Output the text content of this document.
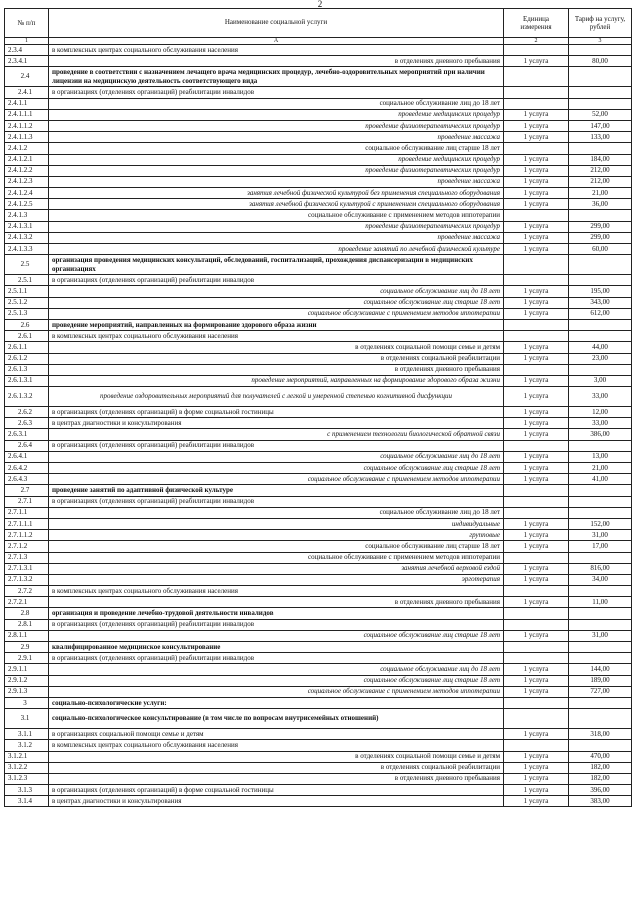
2
№ п/п	Наименование социальной услуги	Единица измерения	Тариф на услугу, рублей
1	А	2	3
2.3.4	в комплексных центрах социального обслуживания населения		
2.3.4.1	в отделениях дневного пребывания	1 услуга	80,00
2.4	проведение в соответствии с назначением лечащего врача медицинских процедур, лечебно-оздоровительных мероприятий при наличии лицензии на медицинскую деятельность соответствующего вида		
2.4.1	в организациях (отделениях организаций) реабилитации инвалидов		
2.4.1.1	социальное обслуживание лиц до 18 лет		
2.4.1.1.1	проведение медицинских процедур	1 услуга	52,00
2.4.1.1.2	проведение физиотерапевтических процедур	1 услуга	147,00
2.4.1.1.3	проведение массажа	1 услуга	133,00
2.4.1.2	социальное обслуживание лиц старше 18 лет		
2.4.1.2.1	проведение медицинских процедур	1 услуга	184,00
2.4.1.2.2	проведение физиотерапевтических процедур	1 услуга	212,00
2.4.1.2.3	проведение массажа	1 услуга	212,00
2.4.1.2.4	занятия лечебной физической культурой без применения специального оборудования	1 услуга	21,00
2.4.1.2.5	занятия лечебной физической культурой с применением специального оборудования	1 услуга	36,00
2.4.1.3	социальное обслуживание с применением методов иппотерапии		
2.4.1.3.1	проведение физиотерапевтических процедур	1 услуга	299,00
2.4.1.3.2	проведение массажа	1 услуга	299,00
2.4.1.3.3	проведение занятий по лечебной физической культуре	1 услуга	60,00
2.5	организация проведения медицинских консультаций, обследований, госпитализаций, прохождения диспансеризации в медицинских организациях		
2.5.1	в организациях (отделениях организаций) реабилитации инвалидов		
2.5.1.1	социальное обслуживание лиц до 18 лет	1 услуга	195,00
2.5.1.2	социальное обслуживание лиц старше 18 лет	1 услуга	343,00
2.5.1.3	социальное обслуживание с применением методов иппотерапии	1 услуга	612,00
2.6	проведение мероприятий, направленных на формирование здорового образа жизни		
2.6.1	в комплексных центрах социального обслуживания населения		
2.6.1.1	в отделениях социальной помощи семье и детям	1 услуга	44,00
2.6.1.2	в отделениях социальной реабилитации	1 услуга	23,00
2.6.1.3	в отделениях дневного пребывания		
2.6.1.3.1	проведение мероприятий, направленных на формирование здорового образа жизни	1 услуга	3,00
2.6.1.3.2	проведение оздоровительных мероприятий для получателей с легкой и умеренной степенью когнитивной дисфункции	1 услуга	33,00
2.6.2	в организациях (отделениях организаций) в форме социальной гостиницы	1 услуга	12,00
2.6.3	в центрах диагностики и консультирования	1 услуга	33,00
2.6.3.1	с применением технологии биологической обратной связи	1 услуга	386,00
2.6.4	в организациях (отделениях организаций) реабилитации инвалидов		
2.6.4.1	социальное обслуживание лиц до 18 лет	1 услуга	13,00
2.6.4.2	социальное обслуживание лиц старше 18 лет	1 услуга	21,00
2.6.4.3	социальное обслуживание с применением методов иппотерапии	1 услуга	41,00
2.7	проведение занятий по адаптивной физической культуре		
2.7.1	в организациях (отделениях организаций) реабилитации инвалидов		
2.7.1.1	социальное обслуживание лиц до 18 лет		
2.7.1.1.1	индивидуальные	1 услуга	152,00
2.7.1.1.2	групповые	1 услуга	31,00
2.7.1.2	социальное обслуживание лиц старше 18 лет	1 услуга	17,00
2.7.1.3	социальное обслуживание с применением методов иппотерапии		
2.7.1.3.1	занятия лечебной верховой ездой	1 услуга	816,00
2.7.1.3.2	эрготерапия	1 услуга	34,00
2.7.2	в комплексных центрах социального обслуживания населения		
2.7.2.1	в отделениях дневного пребывания	1 услуга	11,00
2.8	организация и проведение лечебно-трудовой деятельности инвалидов		
2.8.1	в организациях (отделениях организаций) реабилитации инвалидов		
2.8.1.1	социальное обслуживание лиц старше 18 лет	1 услуга	31,00
2.9	квалифицированное медицинское консультирование		
2.9.1	в организациях (отделениях организаций) реабилитации инвалидов		
2.9.1.1	социальное обслуживание лиц до 18 лет	1 услуга	144,00
2.9.1.2	социальное обслуживание лиц старше 18 лет	1 услуга	189,00
2.9.1.3	социальное обслуживание с применением методов иппотерапии	1 услуга	727,00
3	социально-психологические услуги:		
3.1	социально-психологическое консультирование (в том числе по вопросам внутрисемейных отношений)		
3.1.1	в организациях социальной помощи семье и детям	1 услуга	318,00
3.1.2	в комплексных центрах социального обслуживания населения		
3.1.2.1	в отделениях социальной помощи семье и детям	1 услуга	470,00
3.1.2.2	в отделениях социальной реабилитации	1 услуга	182,00
3.1.2.3	в отделениях дневного пребывания	1 услуга	182,00
3.1.3	в организациях (отделениях организаций) в форме социальной гостиницы	1 услуга	396,00
3.1.4	в центрах диагностики и консультирования	1 услуга	383,00
